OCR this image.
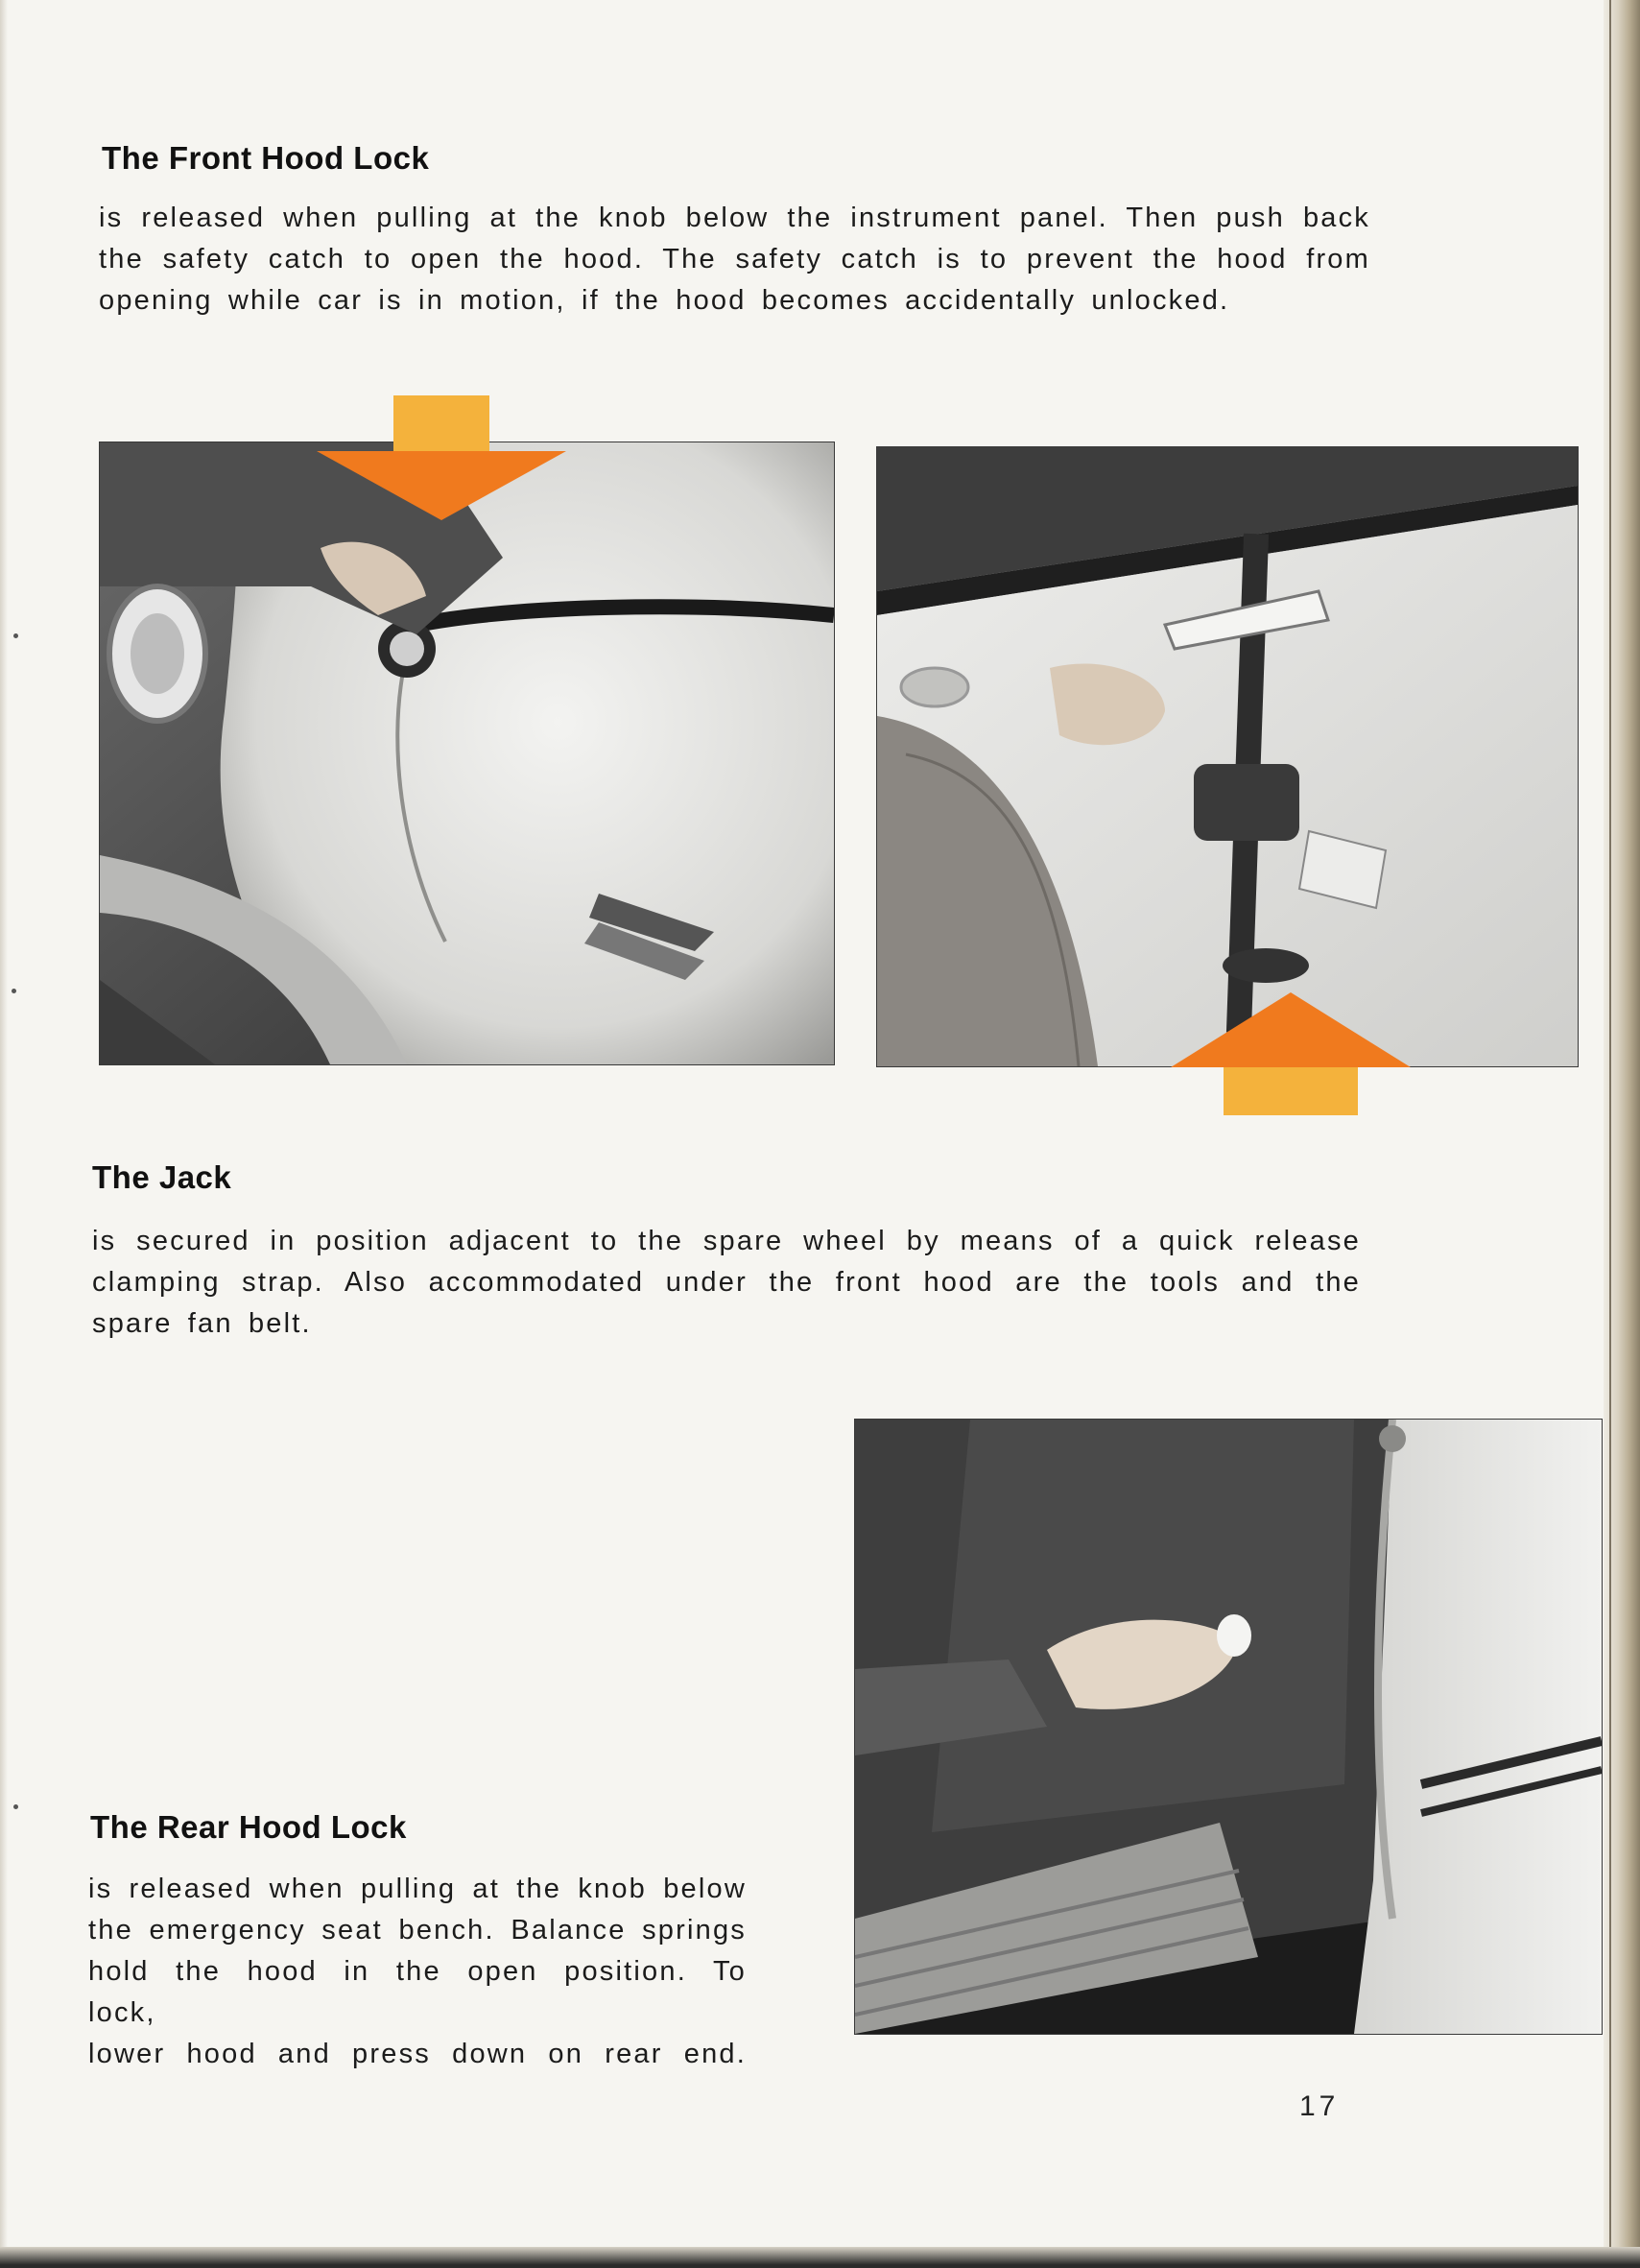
The Front Hood Lock
is released when pulling at the knob below the instrument panel. Then push back
the safety catch to open the hood. The safety catch is to prevent the hood from
opening while car is in motion, if the hood becomes accidentally unlocked.
The Jack
is secured in position adjacent to the spare wheel by means of a quick release
clamping strap. Also accommodated under the front hood are the tools and the
spare fan belt.
The Rear Hood Lock
is released when pulling at the knob below
the emergency seat bench. Balance springs
hold the hood in the open position. To lock,
lower hood and press down on rear end.

17
